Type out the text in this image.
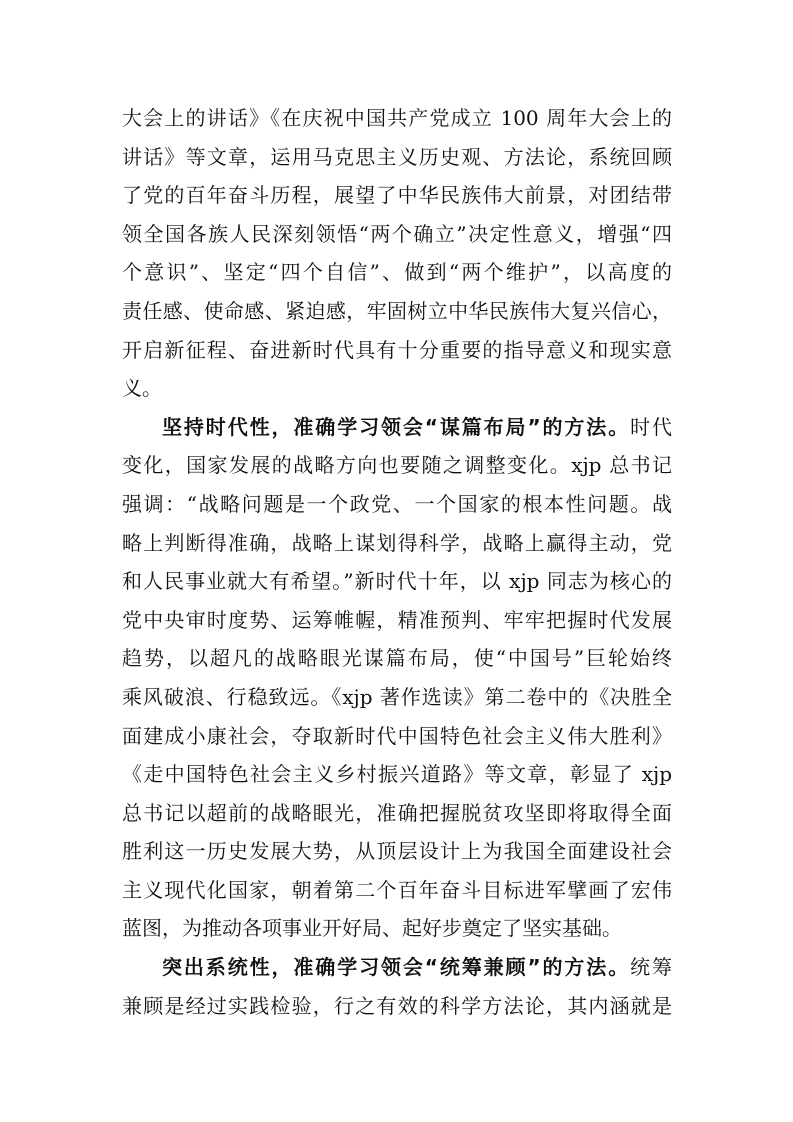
大会上的讲话》《在庆祝中国共产党成立 100 周年大会上的
讲话》等文章，运用马克思主义历史观、方法论，系统回顾
了党的百年奋斗历程，展望了中华民族伟大前景，对团结带
领全国各族人民深刻领悟“两个确立”决定性意义，增强“四
个意识”、坚定“四个自信”、做到“两个维护”，以高度的
责任感、使命感、紧迫感，牢固树立中华民族伟大复兴信心，
开启新征程、奋进新时代具有十分重要的指导意义和现实意
义。
坚持时代性，准确学习领会“谋篇布局”的方法。时代
变化，国家发展的战略方向也要随之调整变化。xjp 总书记
强调：“战略问题是一个政党、一个国家的根本性问题。战
略上判断得准确，战略上谋划得科学，战略上赢得主动，党
和人民事业就大有希望。”新时代十年，以 xjp 同志为核心的
党中央审时度势、运筹帷幄，精准预判、牢牢把握时代发展
趋势，以超凡的战略眼光谋篇布局，使“中国号”巨轮始终
乘风破浪、行稳致远。《xjp 著作选读》第二卷中的《决胜全
面建成小康社会，夺取新时代中国特色社会主义伟大胜利》
《走中国特色社会主义乡村振兴道路》等文章，彰显了 xjp
总书记以超前的战略眼光，准确把握脱贫攻坚即将取得全面
胜利这一历史发展大势，从顶层设计上为我国全面建设社会
主义现代化国家，朝着第二个百年奋斗目标进军擘画了宏伟
蓝图，为推动各项事业开好局、起好步奠定了坚实基础。
突出系统性，准确学习领会“统筹兼顾”的方法。统筹
兼顾是经过实践检验，行之有效的科学方法论，其内涵就是
